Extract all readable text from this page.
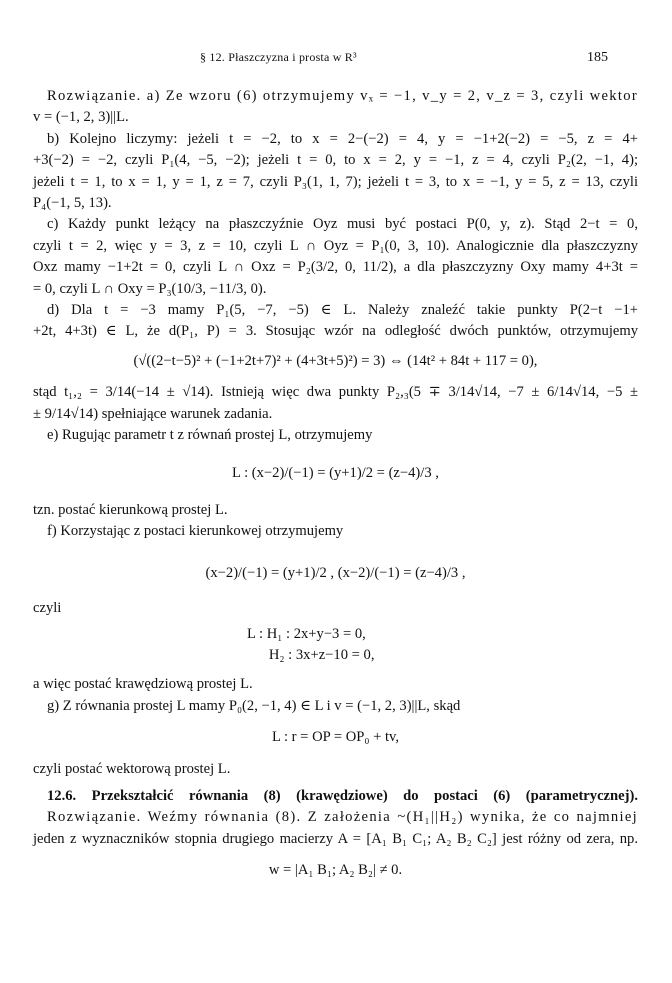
§ 12. Płaszczyzna i prosta w R³	185

Rozwiązanie. a) Ze wzoru (6) otrzymujemy vₓ = −1, v_y = 2, v_z = 3, czyli wektor

v = (−1, 2, 3)||L.

b) Kolejno liczymy: jeżeli t = −2, to x = 2−(−2) = 4, y = −1+2(−2) = −5, z = 4+

+3(−2) = −2, czyli P₁(4, −5, −2); jeżeli t = 0, to x = 2, y = −1, z = 4, czyli P₂(2, −1, 4);

jeżeli t = 1, to x = 1, y = 1, z = 7, czyli P₃(1, 1, 7); jeżeli t = 3, to x = −1, y = 5, z = 13, czyli

P₄(−1, 5, 13).

c) Każdy punkt leżący na płaszczyźnie Oyz musi być postaci P(0, y, z). Stąd 2−t = 0,

czyli t = 2, więc y = 3, z = 10, czyli L ∩ Oyz = P₁(0, 3, 10). Analogicznie dla płaszczyzny

Oxz mamy −1+2t = 0, czyli L ∩ Oxz = P₂(3/2, 0, 11/2), a dla płaszczyzny Oxy mamy 4+3t =

= 0, czyli L ∩ Oxy = P₃(10/3, −11/3, 0).

d) Dla t = −3 mamy P₁(5, −7, −5) ∈ L. Należy znaleźć takie punkty P(2−t −1+

+2t, 4+3t) ∈ L, że d(P₁, P) = 3. Stosując wzór na odległość dwóch punktów, otrzymujemy

(√((2−t−5)² + (−1+2t+7)² + (4+3t+5)²) = 3) ⇔ (14t² + 84t + 117 = 0),

stąd t₁,₂ = 3/14(−14 ± √14). Istnieją więc dwa punkty P₂,₃(5 ∓ 3/14√14, −7 ± 6/14√14, −5 ±

± 9/14√14) spełniające warunek zadania.

e) Rugując parametr t z równań prostej L, otrzymujemy

L : (x−2)/(−1) = (y+1)/2 = (z−4)/3 ,

tzn. postać kierunkową prostej L.

f) Korzystając z postaci kierunkowej otrzymujemy

(x−2)/(−1) = (y+1)/2 , (x−2)/(−1) = (z−4)/3 ,

czyli

L : H₁ : 2x+y−3 = 0,

H₂ : 3x+z−10 = 0,

a więc postać krawędziową prostej L.

g) Z równania prostej L mamy P₀(2, −1, 4) ∈ L i v = (−1, 2, 3)||L, skąd

L : r = OP = OP₀ + tv,

czyli postać wektorową prostej L.

12.6. Przekształcić równania (8) (krawędziowe) do postaci (6) (parametrycznej).

Rozwiązanie. Weźmy równania (8). Z założenia ~(H₁||H₂) wynika, że co najmniej

jeden z wyznaczników stopnia drugiego macierzy A = [A₁ B₁ C₁; A₂ B₂ C₂] jest różny od zera, np.

w = |A₁ B₁; A₂ B₂| ≠ 0.
